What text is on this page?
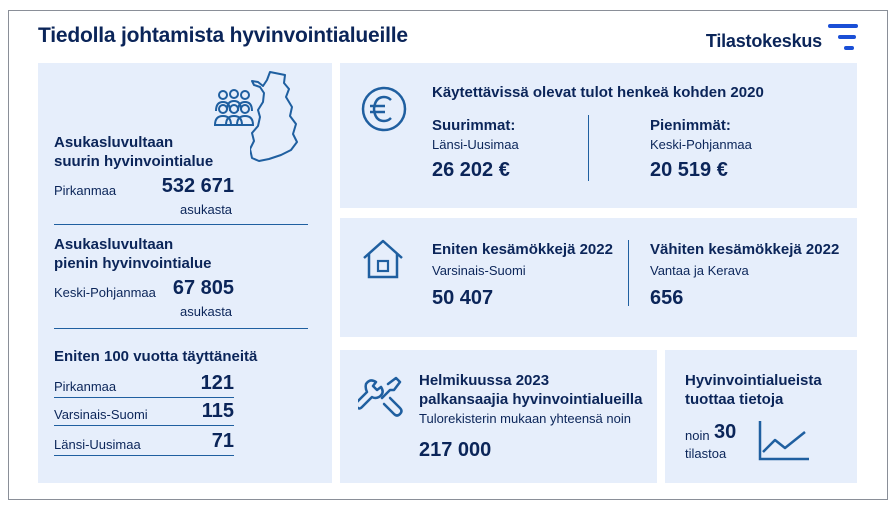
Tiedolla johtamista hyvinvointialueille	Tilastokeskus
Asukasluvultaan
suurin hyvinvointialue
Pirkanmaa	532 671
asukasta
Asukasluvultaan
pienin hyvinvointialue
Keski-Pohjanmaa 67 805
asukasta
Eniten 100 vuotta täyttäneitä
Pirkanmaa	121
Varsinais-Suomi	115
Länsi-Uusimaa	71
Käytettävissä olevat tulot henkeä kohden 2020
Suurimmat:
Länsi-Uusimaa
26 202 €
Pienimmät:
Keski-Pohjanmaa
20 519 €
Eniten kesämökkejä 2022
Varsinais-Suomi
50 407
Vähiten kesämökkejä 2022
Vantaa ja Kerava
656
Helmikuussa 2023
palkansaajia hyvinvointialueilla
Tulorekisterin mukaan yhteensä noin
217 000
Hyvinvointialueista
tuottaa tietoja
noin 30
tilastoa
